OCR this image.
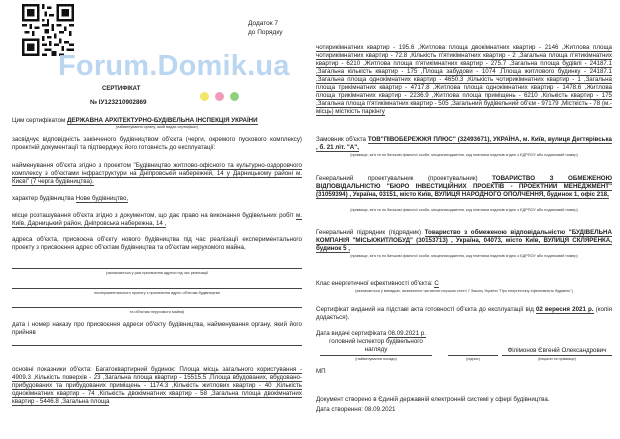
Додаток 7
до Порядку
Forum.Domik.ua
СЕРТИФІКАТ
№ ІУ123210902869
Цим сертифікатом ДЕРЖАВНА АРХІТЕКТУРНО-БУДІВЕЛЬНА ІНСПЕКЦІЯ УКРАЇНИ
(найменування органу, який видає сертифікат)
засвідчує відповідність закінченого будівництвом об'єкта (черги, окремого пускового комплексу) проектній документації та підтверджує його готовність до експлуатації:
найменування об'єкта згідно з проектом "Будівництво житлово-офісного та культурно-оздоровчого комплексу з об'єктами інфраструктури на Дніпровській набережній, 14 у Дарницькому районі м. Києві" (7 черга будівництва).
характер будівництва Нове будівництво,
місце розташування об'єкта згідно з документом, що дає право на виконання будівельних робіт м. Київ, Дарницький район, Дніпровська набережна, 14 ,
адреса об'єкта, присвоєна об'єкту нового будівництва під час реалізації експериментального проекту з присвоєння адрес об'єктам будівництва та об'єктам нерухомого майна,
(зазначається у разі присвоєння адреси під час реалізації
експериментального проекту з присвоєння адрес об'єктам будівництва
та об'єктам нерухомого майна)
дата і номер наказу про присвоєння адреси об'єкту будівництва, найменування органу, який його прийняв
основні показники об'єкта: Багатоквартирний будинок: Площа місць загального користування - 4909.3 ,Кількість поверхів - 23 ,Загальна площа квартир - 15515.5 ,Площа вбудованих, вбудовано-прибудованих та прибудованих приміщень - 1174.3 ,Кількість житлових квартир - 40 ,Кількість однокімнатних квартир - 74 ,Кількість двокімнатних квартир - 58 ,Загальна площа двокімнатних квартир - 5446.8 ,Загальна площа
чотирикімнатних квартир - 195.6 ,Житлова площа двокімнатних квартир - 2146 ,Житлова площа чотирикімнатних квартир - 72.8 ,Кількість п'ятикімнатних квартир - 2 ,Загальна площа п'ятикімнатних квартир - 6210 ,Житлова площа п'ятикімнатних квартир - 275.7 ,Загальна площа будівлі - 24187.1 ,Загальна кількість квартир - 175 ,Площа забудови - 1074 ,Площа житлового будинку - 24187.1 ,Загальна площа однокімнатних квартир - 4650.3 ,Кількість чотирикімнатних квартир - 1 ,Загальна площа трикімнатних квартир - 4717.8 ,Житлова площа однокімнатних квартир - 1478.6 ,Житлова площа трикімнатних квартир - 2236.9 ,Житлова площа приміщень - 6210 ,Кількість квартир - 175 ,Загальна площа п'ятикімнатних квартир - 505 ,Загальний будівельний об'єм - 97179 ,Місткість - 78 (м.-місць) місткість паркінгу
Замовник об'єкта ТОВ"ПІВОБЕРЕЖЖЯ ПЛЮС" (32493671), УКРАЇНА, м. Київ, вулиця Дегтярівська , б. 21 літ. "А",
(прізвище, ім'я та по батькові фізичної особи, місцезнаходження, код платника податків згідно з ЄДРПОУ або податковий номер)
Генеральний проектувальник (проектувальник) ТОВАРИСТВО З ОБМЕЖЕНОЮ ВІДПОВІДАЛЬНІСТЮ "БЮРО ІНВЕСТИЦІЙНИХ ПРОЕКТІВ - ПРОЕКТНИЙ МЕНЕДЖМЕНТ" (31059394) , Україна, 03151, місто Київ, ВУЛИЦЯ НАРОДНОГО ОПОЛЧЕННЯ, будинок 1, офіс 218,
(прізвище, ім'я та по батькові фізичної особи, місцезнаходження, код платника податків згідно з ЄДРПОУ або податковий номер)
Генеральний підрядник (підрядник) Товариство з обмеженою відповідальністю "БУДІВЕЛЬНА КОМПАНІЯ "МІСЬКЖИТЛОБУД" (30153713) , Україна, 04073, місто Київ, ВУЛИЦЯ СКЛЯРЕНКА, будинок 5 ,
(прізвище, ім'я та по батькові фізичної особи, місцезнаходження, код платника податків згідно з ЄДРПОУ або податковий номер)
Клас енергетичної ефективності об'єкта: С
(зазначається у випадках, визначених частиною першою статті 7 Закону України "Про енергетичну ефективність будівель")
Сертифікат виданий на підставі акта готовності об'єкта до експлуатації від 02 вересня 2021 р. (копія додається).
Дата видачі сертифіката 08.09.2021 р.
головний інспектор будівельного нагляду	Філімонов Євгеній Олександрович
(найменування посади)	(підпис)	(ініціали та прізвище)
МП
Документ створено в Єдиній державній електронній системі у сфері будівництва.
Дата створення: 08.09.2021
